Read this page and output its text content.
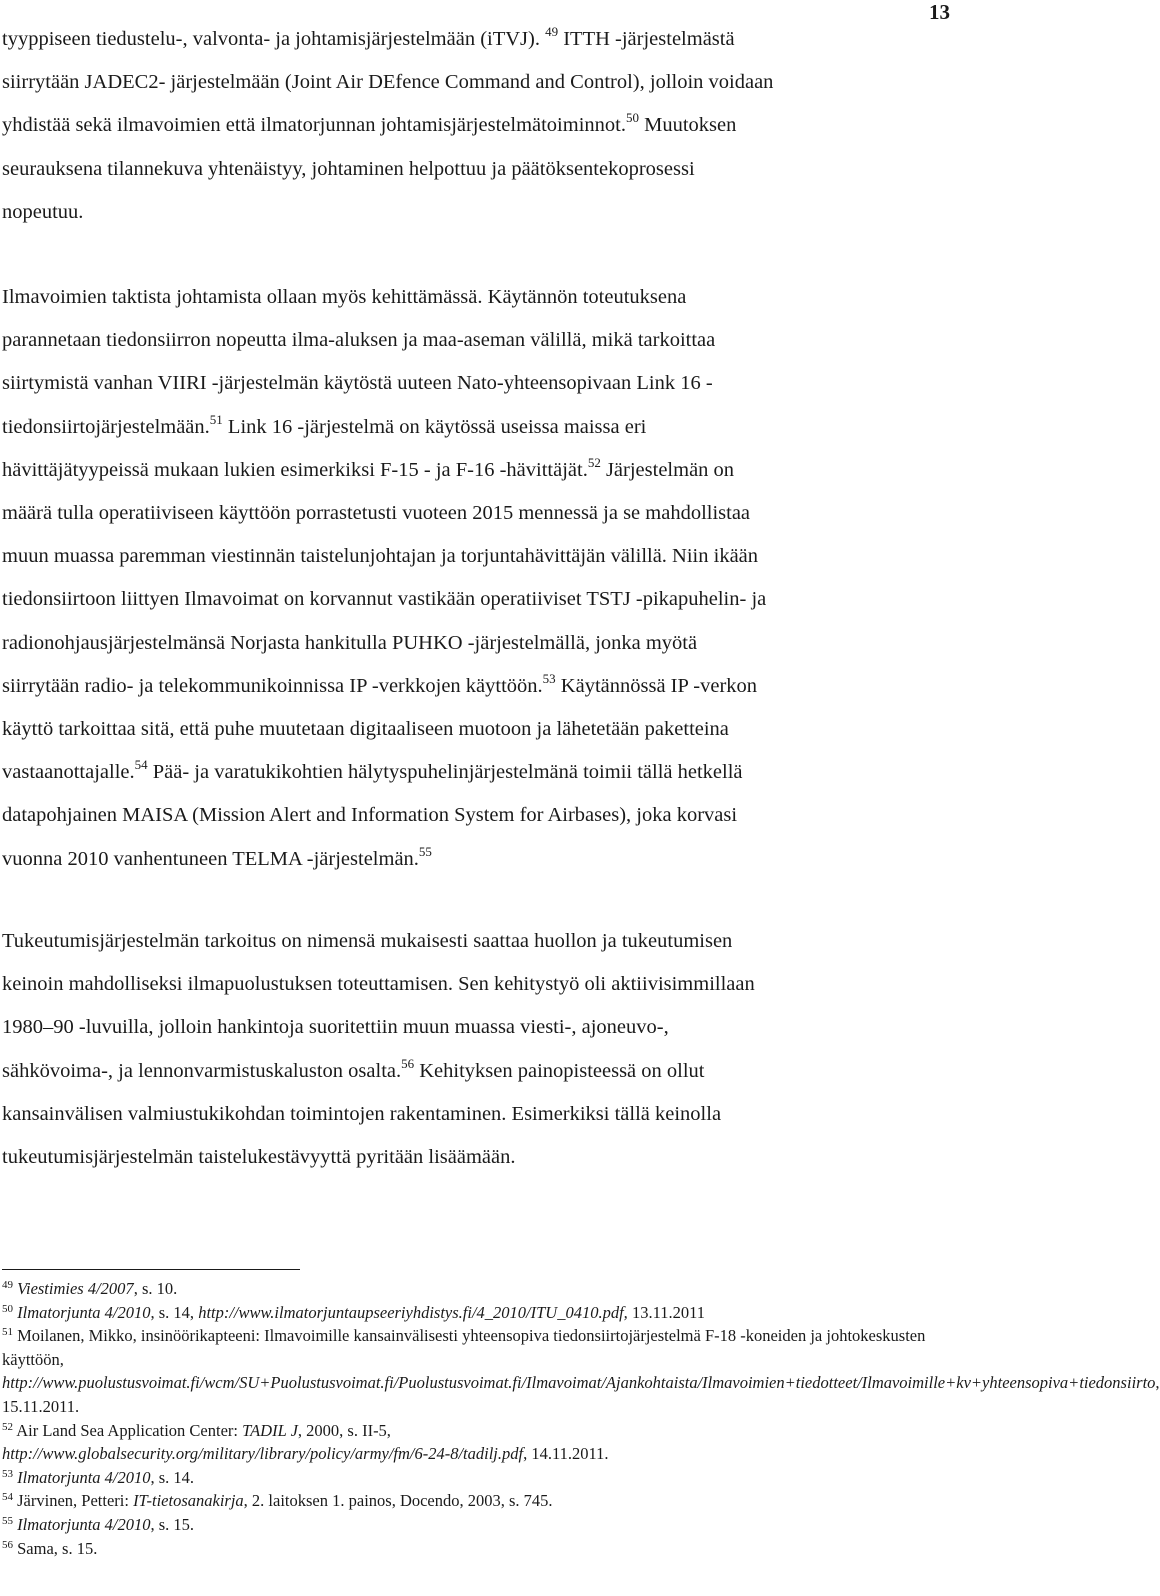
13

tyyppiseen tiedustelu-, valvonta- ja johtamisjärjestelmään (iTVJ). $^{49}$ ITTH -järjestelmästä
siirrytään JADEC2- järjestelmään (Joint Air DEfence Command and Control), jolloin voidaan
yhdistää sekä ilmavoimien että ilmatorjunnan johtamisjärjestelmätoiminnot.$^{50}$ Muutoksen
seurauksena tilannekuva yhtenäistyy, johtaminen helpottuu ja päätöksentekoprosessi
nopeutuu.

Ilmavoimien taktista johtamista ollaan myös kehittämässä. Käytännön toteutuksena
parannetaan tiedonsiirron nopeutta ilma-aluksen ja maa-aseman välillä, mikä tarkoittaa
siirtymistä vanhan VIIRI -järjestelmän käytöstä uuteen Nato-yhteensopivaan Link 16 -
tiedonsiirtojärjestelmään.$^{51}$ Link 16 -järjestelmä on käytössä useissa maissa eri
hävittäjätyypeissä mukaan lukien esimerkiksi F-15 - ja F-16 -hävittäjät.$^{52}$ Järjestelmän on
määrä tulla operatiiviseen käyttöön porrastetusti vuoteen 2015 mennessä ja se mahdollistaa
muun muassa paremman viestinnän taistelunjohtajan ja torjuntahävittäjän välillä. Niin ikään
tiedonsiirtoon liittyen Ilmavoimat on korvannut vastikään operatiiviset TSTJ -pikapuhelin- ja
radionohjausjärjestelmänsä Norjasta hankitulla PUHKO -järjestelmällä, jonka myötä
siirrytään radio- ja telekommunikoinnissa IP -verkkojen käyttöön.$^{53}$ Käytännössä IP -verkon
käyttö tarkoittaa sitä, että puhe muutetaan digitaaliseen muotoon ja lähetetään paketteina
vastaanottajalle.$^{54}$ Pää- ja varatukikohtien hälytyspuhelinjärjestelmänä toimii tällä hetkellä
datapohjainen MAISA (Mission Alert and Information System for Airbases), joka korvasi
vuonna 2010 vanhentuneen TELMA -järjestelmän.$^{55}$

Tukeutumisjärjestelmän tarkoitus on nimensä mukaisesti saattaa huollon ja tukeutumisen
keinoin mahdolliseksi ilmapuolustuksen toteuttamisen. Sen kehitystyö oli aktiivisimmillaan
1980–90 -luvuilla, jolloin hankintoja suoritettiin muun muassa viesti-, ajoneuvo-,
sähkövoima-, ja lennonvarmistuskaluston osalta.$^{56}$ Kehityksen painopisteessä on ollut
kansainvälisen valmiustukikohdan toimintojen rakentaminen. Esimerkiksi tällä keinolla
tukeutumisjärjestelmän taistelukestävyyttä pyritään lisäämään.

$^{49}$ Viestimies 4/2007, s. 10.
$^{50}$ Ilmatorjunta 4/2010, s. 14, http://www.ilmatorjuntaupseeriyhdistys.fi/4_2010/ITU_0410.pdf, 13.11.2011
$^{51}$ Moilanen, Mikko, insinöörikapteeni: Ilmavoimille kansainvälisesti yhteensopiva tiedonsiirtojärjestelmä F-18 -koneiden ja johtokeskusten käyttöön, http://www.puolustusvoimat.fi/wcm/SU+Puolustusvoimat.fi/Puolustusvoimat.fi/Ilmavoimat/Ajankohtaista/Ilmavoimien+tiedotteet/Ilmavoimille+kv+yhteensopiva+tiedonsiirto, 15.11.2011.
$^{52}$ Air Land Sea Application Center: TADIL J, 2000, s. II-5,
http://www.globalsecurity.org/military/library/policy/army/fm/6-24-8/tadilj.pdf, 14.11.2011.
$^{53}$ Ilmatorjunta 4/2010, s. 14.
$^{54}$ Järvinen, Petteri: IT-tietosanakirja, 2. laitoksen 1. painos, Docendo, 2003, s. 745.
$^{55}$ Ilmatorjunta 4/2010, s. 15.
$^{56}$ Sama, s. 15.
